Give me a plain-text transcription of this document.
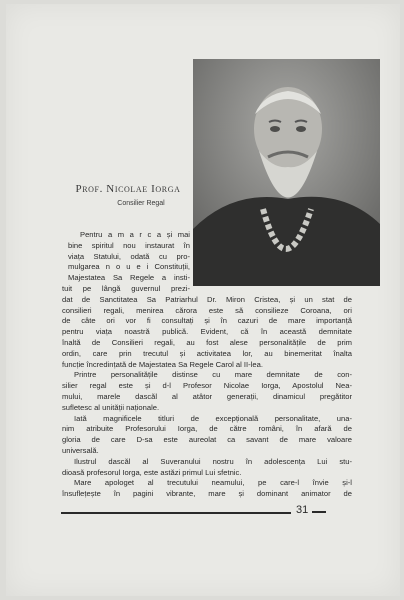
Prof. Nicolae Iorga
Consilier Regal
Pentru a m a r c a și mai
bine spiritul nou instaurat în
viața Statului, odată cu pro-
mulgarea n o u e i Constituții,
Majestatea Sa Regele a insti-
tuit pe lângă guvernul prezi-
dat de Sanctitatea Sa Patriarhul Dr. Miron Cristea, și un stat de
consilieri regali, menirea cărora este să consilieze Coroana, ori
de câte ori vor fi consultați și în cazuri de mare importanță
pentru viața noastră publică. Evident, că în această demnitate
înaltă de Consilieri regali, au fost alese personalitățile de prim
ordin, care prin trecutul și activitatea lor, au binemeritat înalta
funcție încredințată de Majestatea Sa Regele Carol al II-lea.
Printre personalitățile distinse cu mare demnitate de con-
silier regal este și d-l Profesor Nicolae Iorga, Apostolul Nea-
mului, marele dascăl al atâtor generații, dinamicul pregătitor
sufletesc al unității naționale.
Iată magnificele titluri de excepțională personalitate, una-
nim atribuite Profesorului Iorga, de către români, în afară de
gloria de care D-sa este aureolat ca savant de mare valoare
universală.
Ilustrul dascăl al Suveranului nostru în adolescența Lui stu-
dioasă profesorul Iorga, este astăzi primul Lui sfetnic.
Mare apologet al trecutului neamului, pe care-l învie și-l
însuflețește în pagini vibrante, mare și dominant animator de
31
